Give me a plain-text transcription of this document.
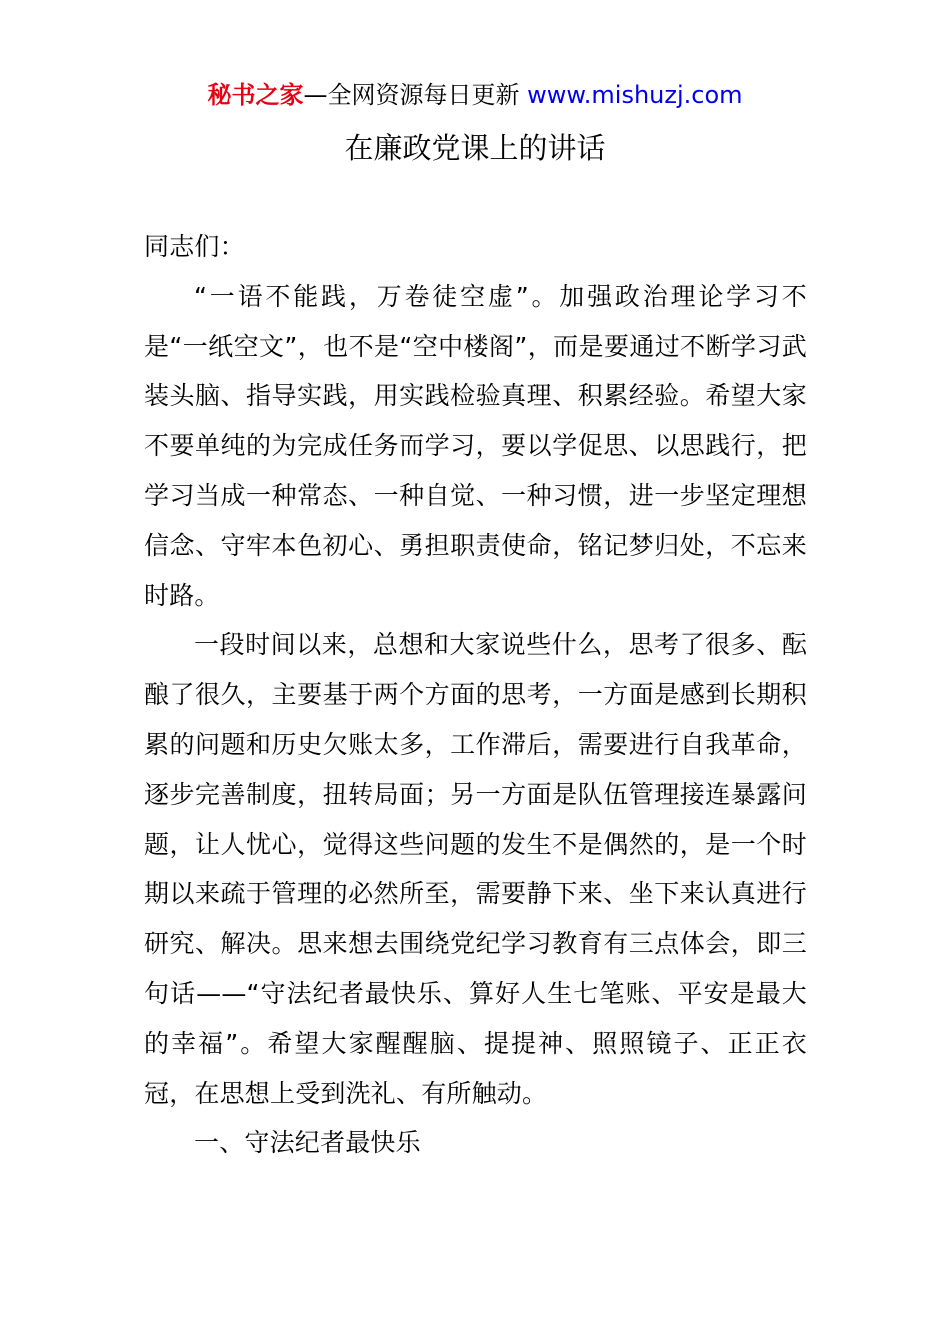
秘书之家—全网资源每日更新 www.mishuzj.com
在廉政党课上的讲话

同志们：

“一语不能践，万卷徒空虚”。加强政治理论学习不是“一纸空文”，也不是“空中楼阁”，而是要通过不断学习武装头脑、指导实践，用实践检验真理、积累经验。希望大家不要单纯的为完成任务而学习，要以学促思、以思践行，把学习当成一种常态、一种自觉、一种习惯，进一步坚定理想信念、守牢本色初心、勇担职责使命，铭记梦归处，不忘来时路。

一段时间以来，总想和大家说些什么，思考了很多、酝酿了很久，主要基于两个方面的思考，一方面是感到长期积累的问题和历史欠账太多，工作滞后，需要进行自我革命，逐步完善制度，扭转局面；另一方面是队伍管理接连暴露问题，让人忧心，觉得这些问题的发生不是偶然的，是一个时期以来疏于管理的必然所至，需要静下来、坐下来认真进行研究、解决。思来想去围绕党纪学习教育有三点体会，即三句话——“守法纪者最快乐、算好人生七笔账、平安是最大的幸福”。希望大家醒醒脑、提提神、照照镜子、正正衣冠，在思想上受到洗礼、有所触动。

一、守法纪者最快乐
